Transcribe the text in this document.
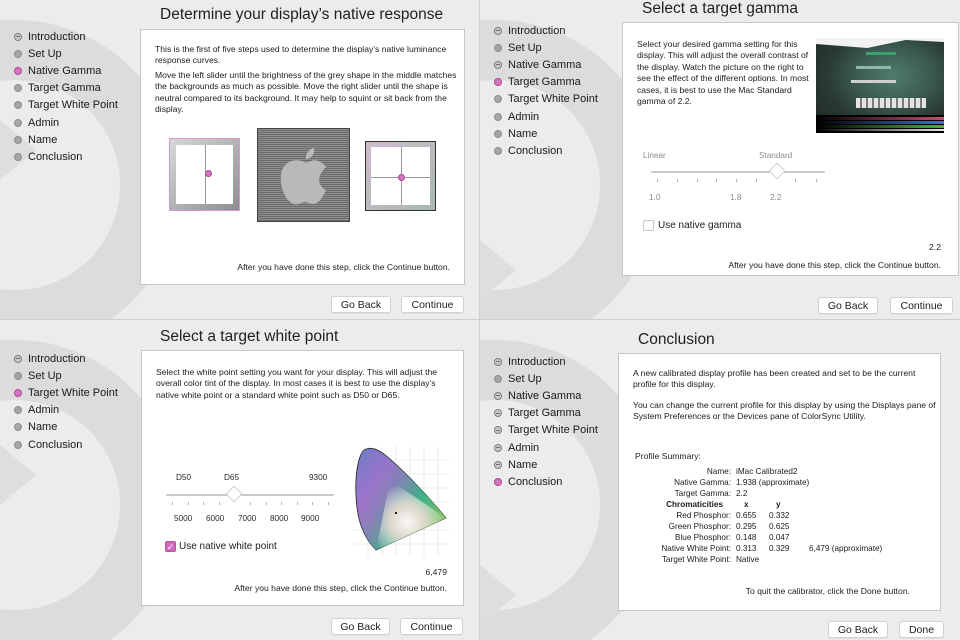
Determine your display’s native response
Introduction
Set Up
Native Gamma
Target Gamma
Target White Point
Admin
Name
Conclusion
This is the first of five steps used to determine the display’s native luminance response curves.
Move the left slider until the brightness of the grey shape in the middle matches the backgrounds as much as possible. Move the right slider until the shape is neutral compared to its background. It may help to squint or sit back from the display.
After you have done this step, click the Continue button.
Go Back	Continue
Select a target gamma
Introduction
Set Up
Native Gamma
Target Gamma
Target White Point
Admin
Name
Conclusion
Select your desired gamma setting for this display. This will adjust the overall contrast of the display. Watch the picture on the right to see the effect of the different options. In most cases, it is best to use the Mac Standard gamma of 2.2.
Linear	Standard
1.0	1.8	2.2
Use native gamma
2.2
After you have done this step, click the Continue button.
Go Back	Continue
Select a target white point
Introduction
Set Up
Target White Point
Admin
Name
Conclusion
Select the white point setting you want for your display. This will adjust the overall color tint of the display. In most cases it is best to use the display’s native white point or a standard white point such as D50 or D65.
D50	D65	9300
5000 6000 7000 8000 9000
✓ Use native white point
6,479
After you have done this step, click the Continue button.
Go Back	Continue
Conclusion
Introduction
Set Up
Native Gamma
Target Gamma
Target White Point
Admin
Name
Conclusion
A new calibrated display profile has been created and set to be the current profile for this display.
You can change the current profile for this display by using the Displays pane of System Preferences or the Devices pane of ColorSync Utility.
Profile Summary:
Name: iMac Calibrated2
Native Gamma: 1.938 (approximate)
Target Gamma: 2.2
Chromaticities	x	y
Red Phosphor: 0.655 0.332
Green Phosphor: 0.295 0.625
Blue Phosphor: 0.148 0.047
Native White Point: 0.313 0.329 6,479 (approximate)
Target White Point: Native
To quit the calibrator, click the Done button.
Go Back	Done
